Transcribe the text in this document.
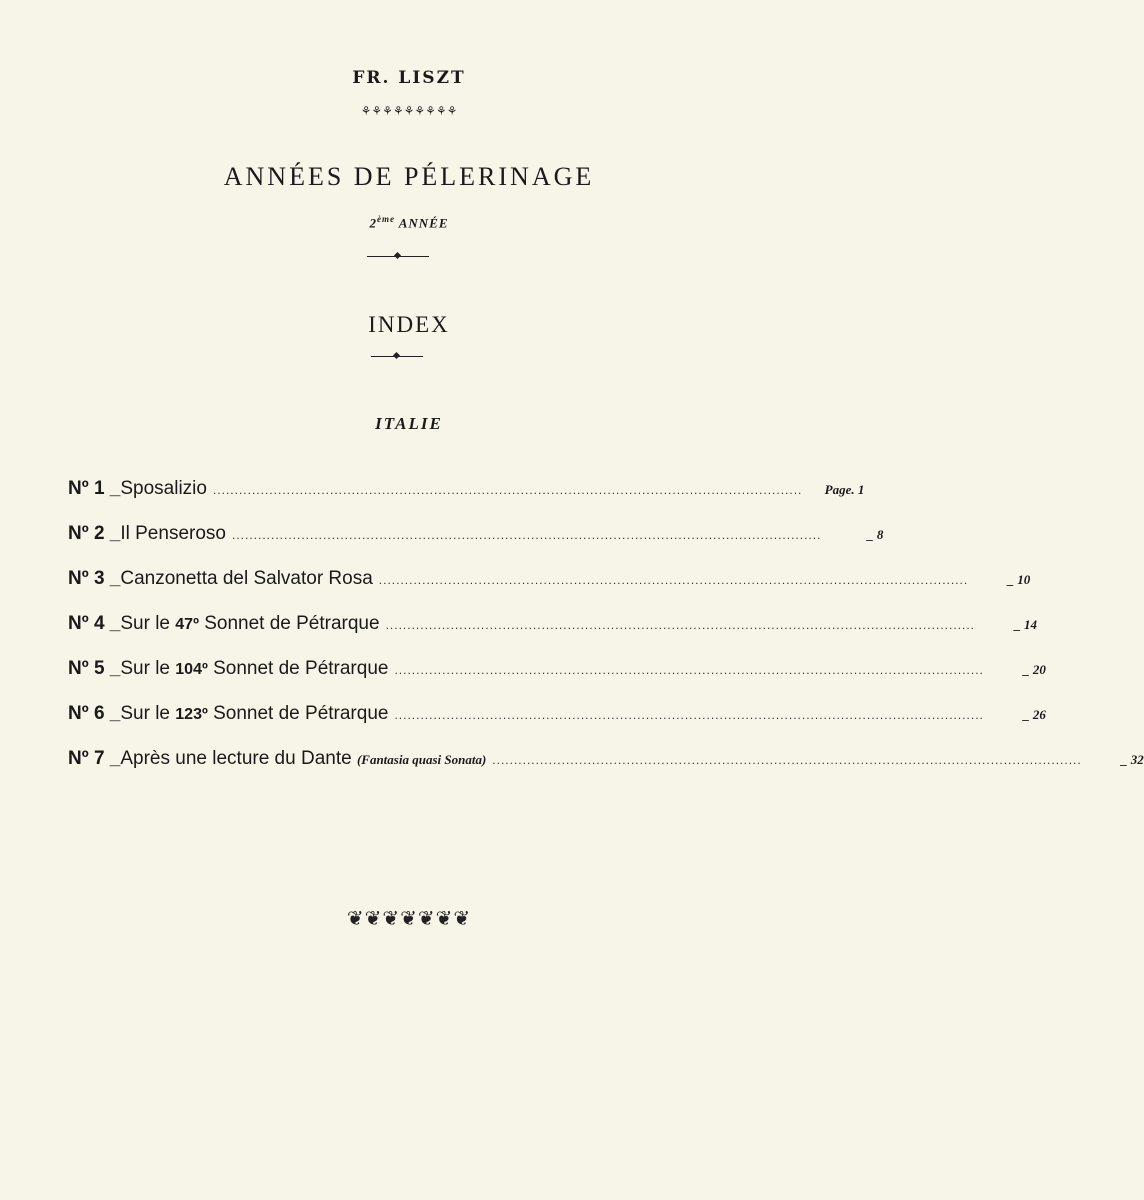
FR. LISZT
⚘⚘⚘⚘⚘⚘⚘⚘⚘
ANNÉES DE PÉLERINAGE
2ème ANNÉE
INDEX
ITALIE
Nº 1 _ Sposalizio ........................................................................................................................................	Page. 1
Nº 2 _ Il Penseroso ........................................................................................................................................	_ 8
Nº 3 _ Canzonetta del Salvator Rosa ........................................................................................................................................	_ 10
Nº 4 _ Sur le 47º Sonnet de Pétrarque ........................................................................................................................................	_ 14
Nº 5 _ Sur le 104º Sonnet de Pétrarque ........................................................................................................................................	_ 20
Nº 6 _ Sur le 123º Sonnet de Pétrarque ........................................................................................................................................	_ 26
Nº 7 _ Après une lecture du Dante (Fantasia quasi Sonata) ........................................................................................................................................	_ 32
❦❦❦❦❦❦❦
